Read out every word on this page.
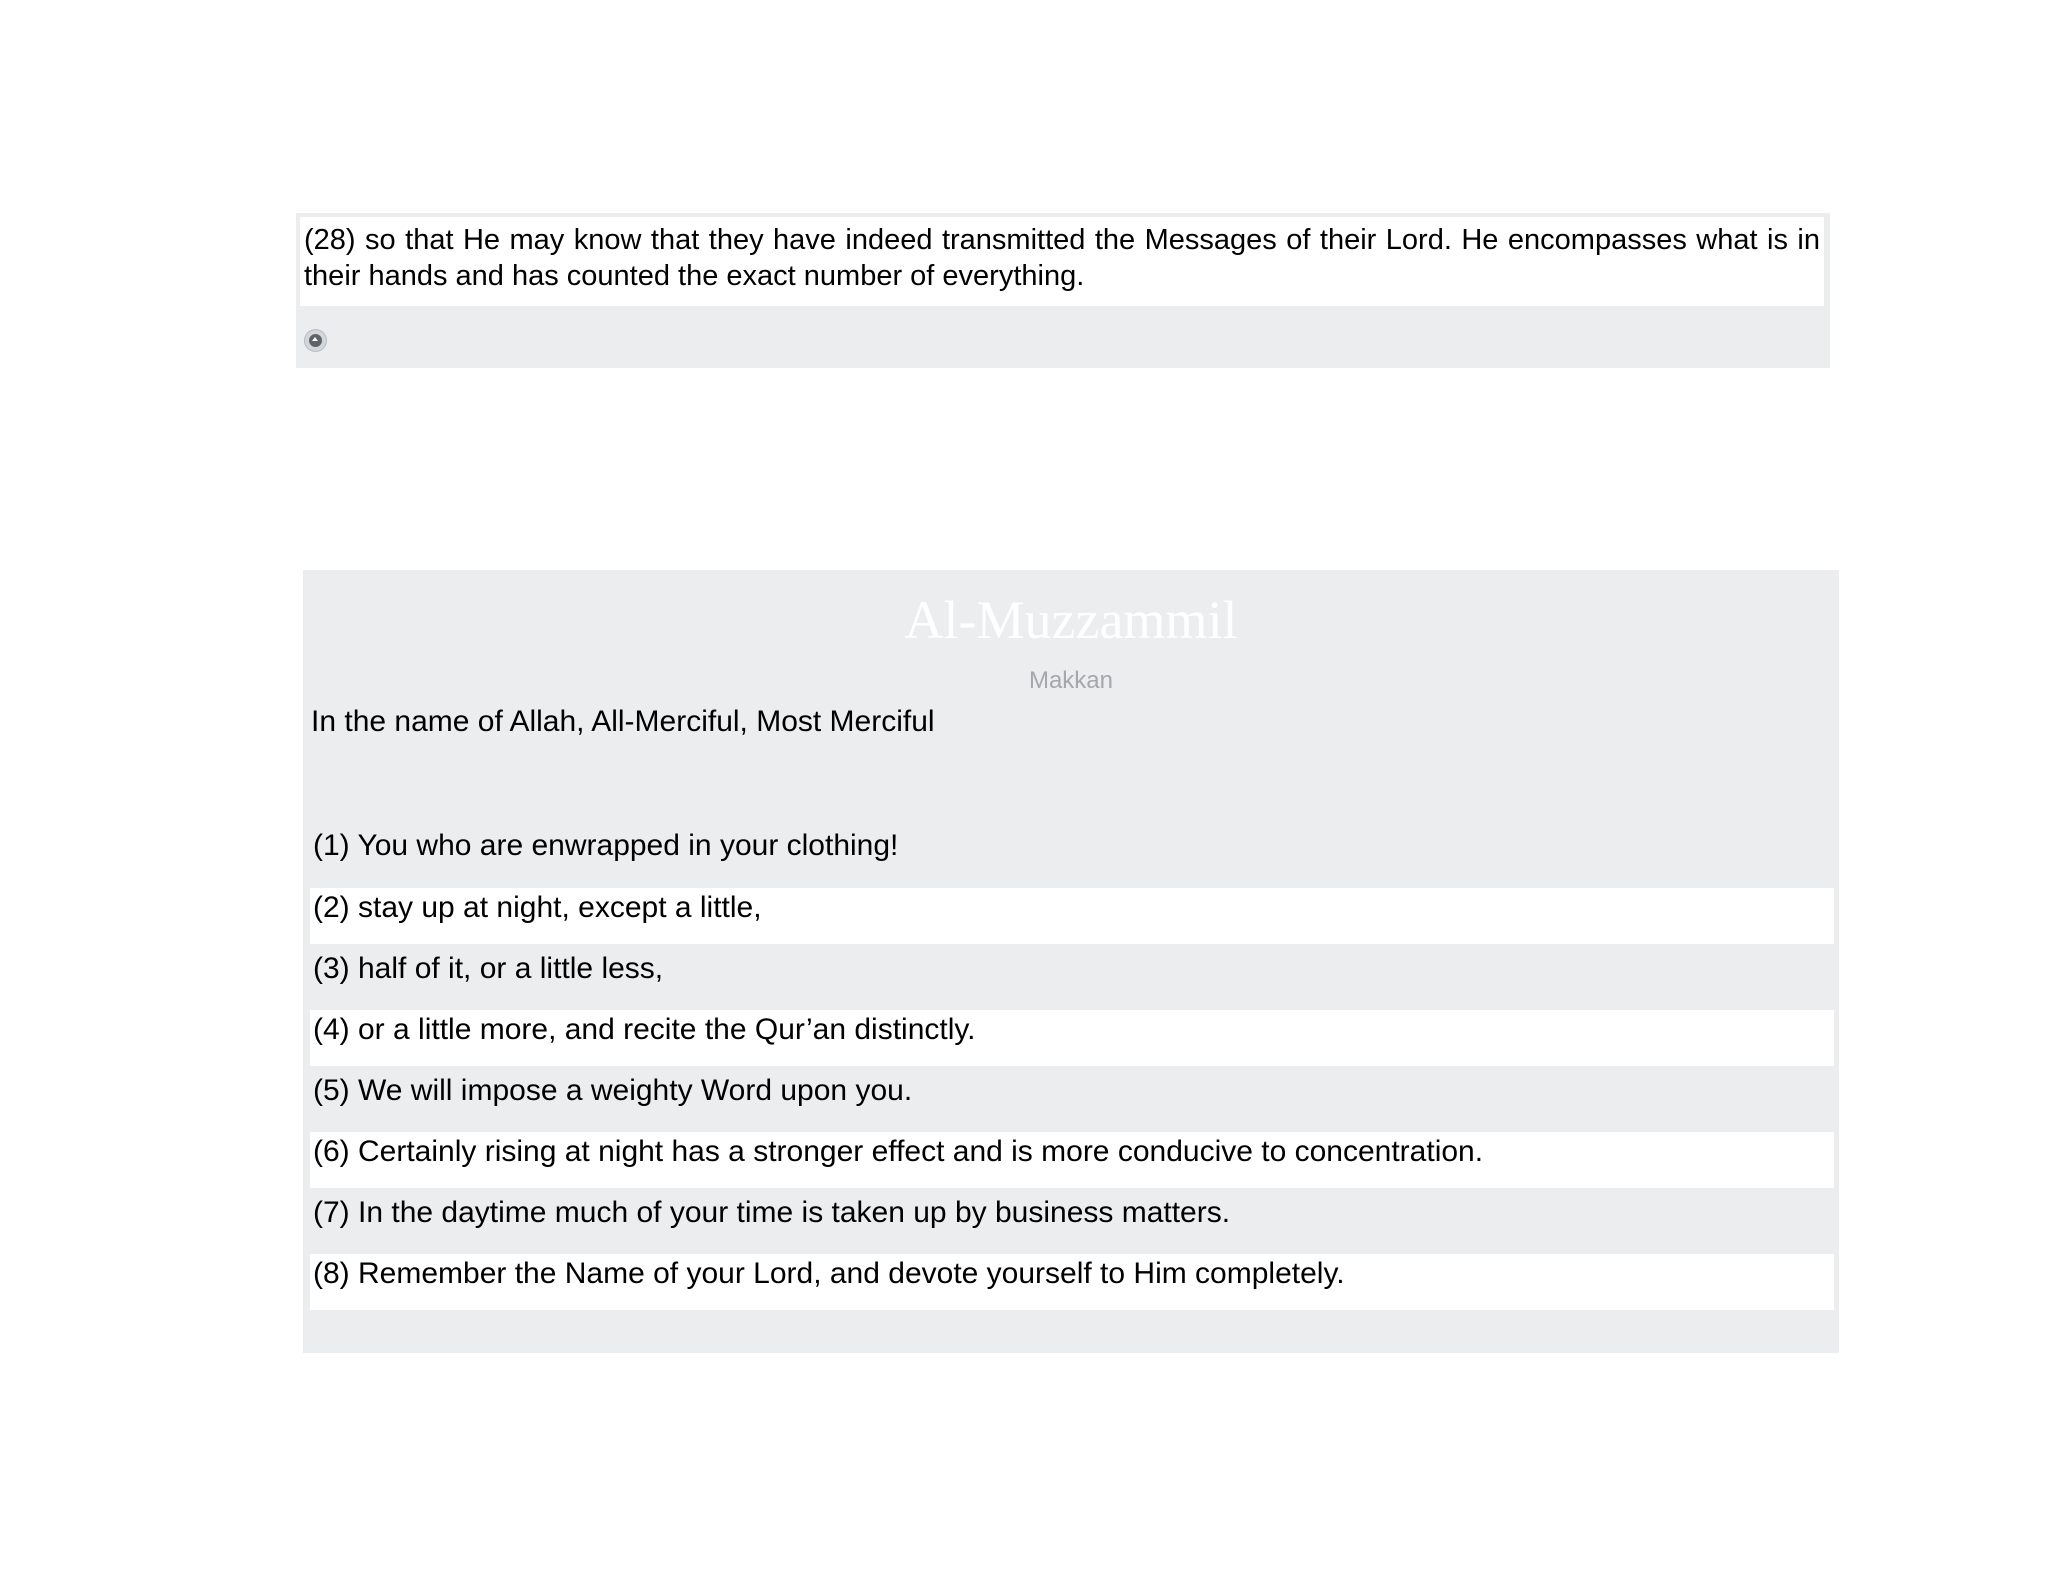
(28) so that He may know that they have indeed transmitted the Messages of their Lord. He encompasses what is in their hands and has counted the exact number of everything.
Al-Muzzammil
Makkan
In the name of Allah, All-Merciful, Most Merciful
(1) You who are enwrapped in your clothing!
(2) stay up at night, except a little,
(3) half of it, or a little less,
(4) or a little more, and recite the Qur’an distinctly.
(5) We will impose a weighty Word upon you.
(6) Certainly rising at night has a stronger effect and is more conducive to concentration.
(7) In the daytime much of your time is taken up by business matters.
(8) Remember the Name of your Lord, and devote yourself to Him completely.
